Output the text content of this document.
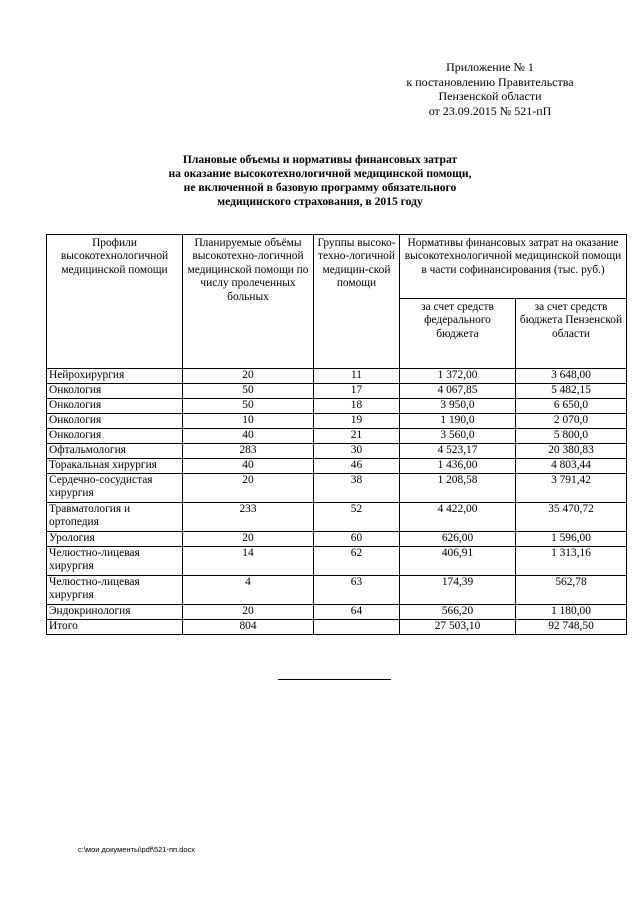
Приложение № 1
к постановлению Правительства
Пензенской области
от 23.09.2015 № 521-пП
Плановые объемы и нормативы финансовых затрат
на оказание высокотехнологичной медицинской помощи,
не включенной в базовую программу обязательного
медицинского страхования, в 2015 году
Профили высокотехнологичной медицинской помощи	Планируемые объёмы высокотехно-логичной медицинской помощи по числу пролеченных больных	Группы высоко-техно-логичной медицин-ской помощи	Нормативы финансовых затрат на оказание высокотехнологичной медицинской помощи в части софинансирования (тыс. руб.)	
			за счет средств федерального бюджета	за счет средств бюджета Пензенской области
Нейрохирургия	20	11	1 372,00	3 648,00
Онкология	50	17	4 067,85	5 482,15
Онкология	50	18	3 950,0	6 650,0
Онкология	10	19	1 190,0	2 070,0
Онкология	40	21	3 560,0	5 800,0
Офтальмология	283	30	4 523,17	20 380,83
Торакальная хирургия	40	46	1 436,00	4 803,44
Сердечно-сосудистая хирургия	20	38	1 208,58	3 791,42
Травматология и ортопедия	233	52	4 422,00	35 470,72
Урология	20	60	626,00	1 596,00
Челюстно-лицевая хирургия	14	62	406,91	1 313,16
Челюстно-лицевая хирургия	4	63	174,39	562,78
Эндокринология	20	64	566,20	1 180,00
Итого	804		27 503,10	92 748,50
c:\мои документы\pdf\521-пп.docx
